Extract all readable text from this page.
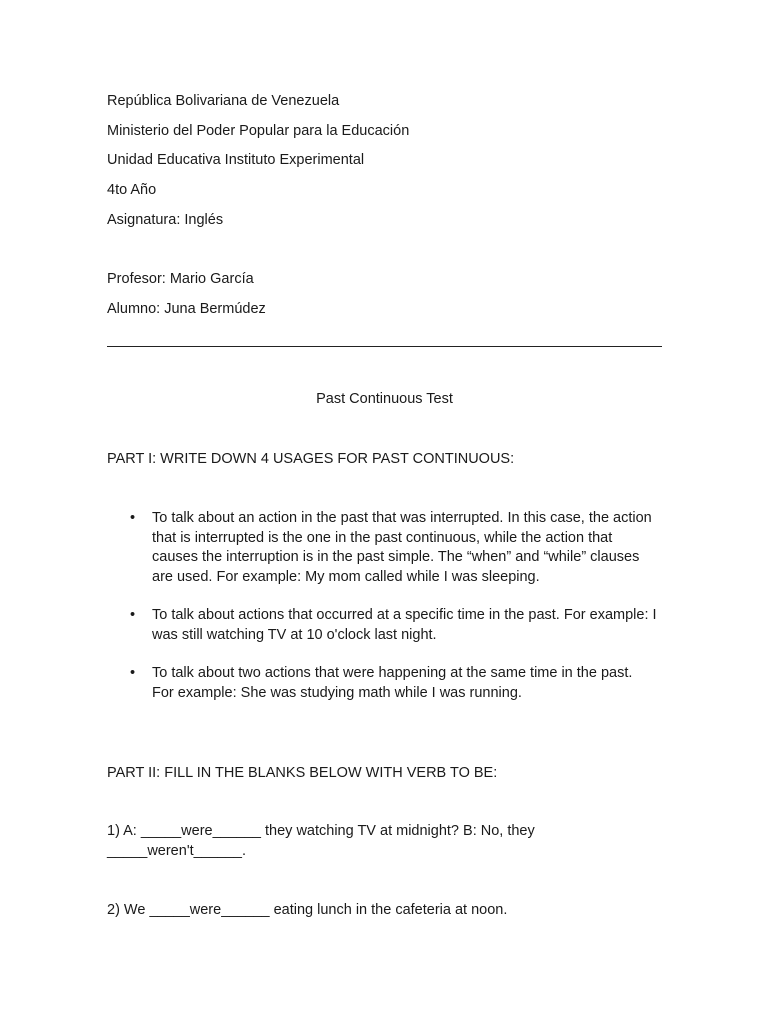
República Bolivariana de Venezuela
Ministerio del Poder Popular para la Educación
Unidad Educativa Instituto Experimental
4to Año
Asignatura: Inglés
Profesor: Mario García
Alumno: Juna Bermúdez
Past Continuous Test
PART I: WRITE DOWN 4 USAGES FOR PAST CONTINUOUS:
• To talk about an action in the past that was interrupted. In this case, the action that is interrupted is the one in the past continuous, while the action that causes the interruption is in the past simple. The “when” and “while” clauses are used. For example: My mom called while I was sleeping.
• To talk about actions that occurred at a specific time in the past. For example: I was still watching TV at 10 o'clock last night.
• To talk about two actions that were happening at the same time in the past. For example: She was studying math while I was running.
PART II: FILL IN THE BLANKS BELOW WITH VERB TO BE:
1) A: _____were______ they watching TV at midnight? B: No, they _____weren't______.
2) We _____were______ eating lunch in the cafeteria at noon.
